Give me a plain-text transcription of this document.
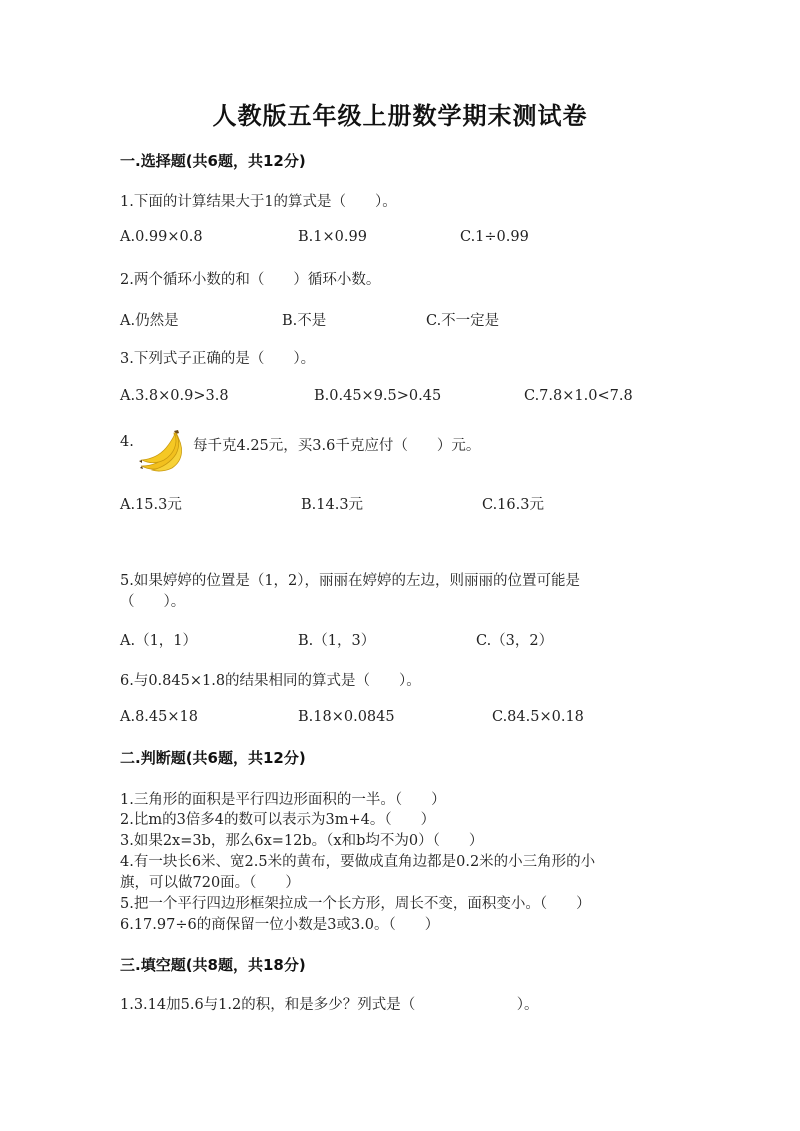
人教版五年级上册数学期末测试卷
一.选择题(共6题，共12分)
1.下面的计算结果大于1的算式是（　　）。
A.0.99×0.8	B.1×0.99	C.1÷0.99
2.两个循环小数的和（　　）循环小数。
A.仍然是	B.不是	C.不一定是
3.下列式子正确的是（　　）。
A.3.8×0.9>3.8	B.0.45×9.5>0.45	C.7.8×1.0<7.8
4.	每千克4.25元，买3.6千克应付（　　）元。
A.15.3元	B.14.3元	C.16.3元
5.如果婷婷的位置是（1，2），丽丽在婷婷的左边，则丽丽的位置可能是
（　　）。
A.（1，1）	B.（1，3）	C.（3，2）
6.与0.845×1.8的结果相同的算式是（　　）。
A.8.45×18	B.18×0.0845	C.84.5×0.18
二.判断题(共6题，共12分)
1.三角形的面积是平行四边形面积的一半。（　　）
2.比m的3倍多4的数可以表示为3m+4。（　　）
3.如果2x=3b，那么6x=12b。（x和b均不为0）（　　）
4.有一块长6米、宽2.5米的黄布，要做成直角边都是0.2米的小三角形的小
旗，可以做720面。（　　）
5.把一个平行四边形框架拉成一个长方形，周长不变，面积变小。（　　）
6.17.97÷6的商保留一位小数是3或3.0。（　　）
三.填空题(共8题，共18分)
1.3.14加5.6与1.2的积，和是多少？列式是（　　　　　　　）。
